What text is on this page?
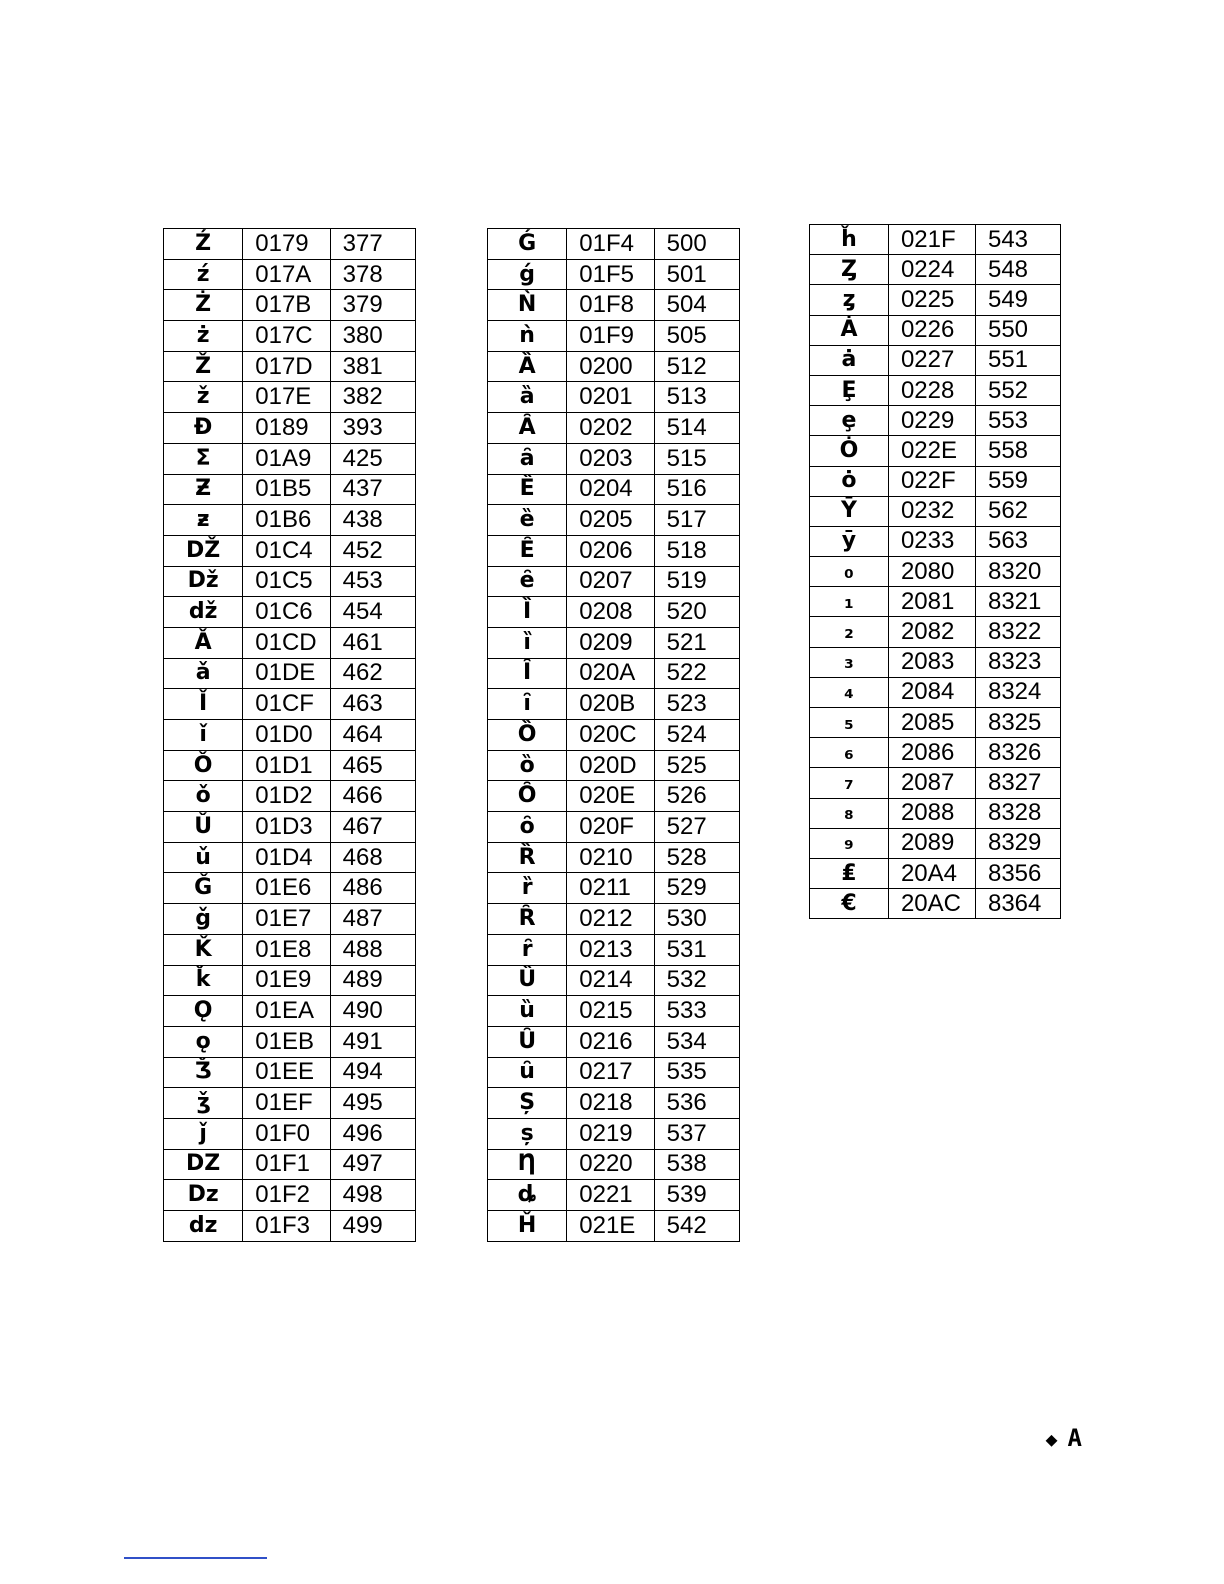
Ź	0179	377
ź	017A	378
Ż	017B	379
ż	017C	380
Ž	017D	381
ž	017E	382
Đ	0189	393
Σ	01A9	425
Ƶ	01B5	437
ƶ	01B6	438
DŽ	01C4	452
Dž	01C5	453
dž	01C6	454
Ǎ	01CD	461
ǎ	01DE	462
Ǐ	01CF	463
ǐ	01D0	464
Ǒ	01D1	465
ǒ	01D2	466
Ǔ	01D3	467
ǔ	01D4	468
Ǧ	01E6	486
ǧ	01E7	487
Ǩ	01E8	488
ǩ	01E9	489
Ǫ	01EA	490
ǫ	01EB	491
Ǯ	01EE	494
ǯ	01EF	495
ǰ	01F0	496
DZ	01F1	497
Dz	01F2	498
dz	01F3	499
Ǵ	01F4	500
ǵ	01F5	501
Ǹ	01F8	504
ǹ	01F9	505
Ȁ	0200	512
ȁ	0201	513
Ȃ	0202	514
ȃ	0203	515
Ȅ	0204	516
ȅ	0205	517
Ȇ	0206	518
ȇ	0207	519
Ȉ	0208	520
ȉ	0209	521
Ȋ	020A	522
ȋ	020B	523
Ȍ	020C	524
ȍ	020D	525
Ȏ	020E	526
ȏ	020F	527
Ȑ	0210	528
ȑ	0211	529
Ȓ	0212	530
ȓ	0213	531
Ȕ	0214	532
ȕ	0215	533
Ȗ	0216	534
ȗ	0217	535
Ș	0218	536
ș	0219	537
Ƞ	0220	538
ȡ	0221	539
Ȟ	021E	542
ȟ	021F	543
Ȥ	0224	548
ȥ	0225	549
Ȧ	0226	550
ȧ	0227	551
Ȩ	0228	552
ȩ	0229	553
Ȯ	022E	558
ȯ	022F	559
Ȳ	0232	562
ȳ	0233	563
₀	2080	8320
₁	2081	8321
₂	2082	8322
₃	2083	8323
₄	2084	8324
₅	2085	8325
₆	2086	8326
₇	2087	8327
₈	2088	8328
₉	2089	8329
₤	20A4	8356
€	20AC	8364
◆ A
